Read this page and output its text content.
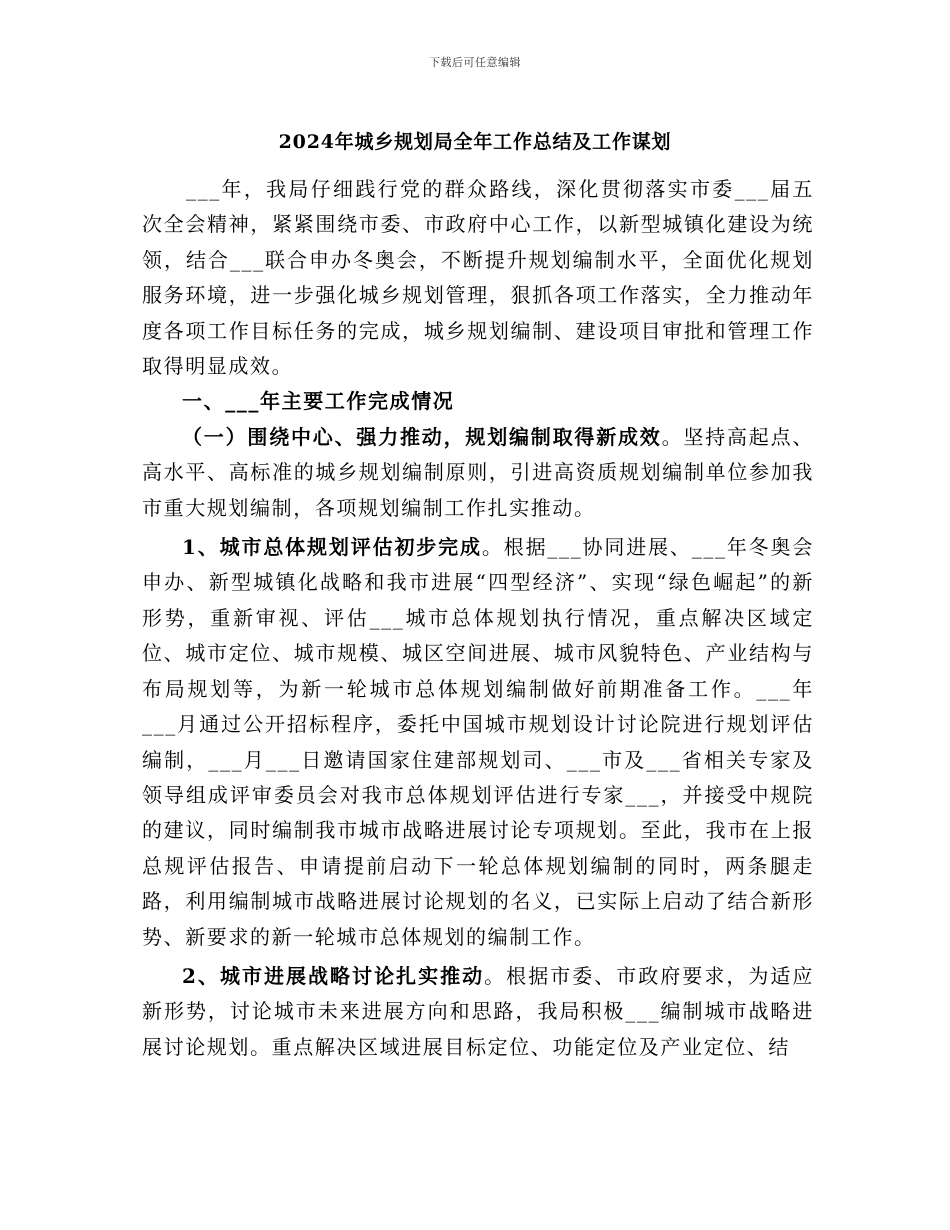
下载后可任意编辑
2024年城乡规划局全年工作总结及工作谋划

___年，我局仔细践行党的群众路线，深化贯彻落实市委___届五次全会精神，紧紧围绕市委、市政府中心工作，以新型城镇化建设为统领，结合___联合申办冬奥会，不断提升规划编制水平，全面优化规划服务环境，进一步强化城乡规划管理，狠抓各项工作落实，全力推动年度各项工作目标任务的完成，城乡规划编制、建设项目审批和管理工作取得明显成效。

一、___年主要工作完成情况

（一）围绕中心、强力推动，规划编制取得新成效。坚持高起点、高水平、高标准的城乡规划编制原则，引进高资质规划编制单位参加我市重大规划编制，各项规划编制工作扎实推动。

1、城市总体规划评估初步完成。根据___协同进展、___年冬奥会申办、新型城镇化战略和我市进展“四型经济”、实现“绿色崛起”的新形势，重新审视、评估___城市总体规划执行情况，重点解决区域定位、城市定位、城市规模、城区空间进展、城市风貌特色、产业结构与布局规划等，为新一轮城市总体规划编制做好前期准备工作。___年___月通过公开招标程序，委托中国城市规划设计讨论院进行规划评估编制，___月___日邀请国家住建部规划司、___市及___省相关专家及领导组成评审委员会对我市总体规划评估进行专家___，并接受中规院的建议，同时编制我市城市战略进展讨论专项规划。至此，我市在上报总规评估报告、申请提前启动下一轮总体规划编制的同时，两条腿走路，利用编制城市战略进展讨论规划的名义，已实际上启动了结合新形势、新要求的新一轮城市总体规划的编制工作。

2、城市进展战略讨论扎实推动。根据市委、市政府要求，为适应新形势，讨论城市未来进展方向和思路，我局积极___编制城市战略进展讨论规划。重点解决区域进展目标定位、功能定位及产业定位、结
